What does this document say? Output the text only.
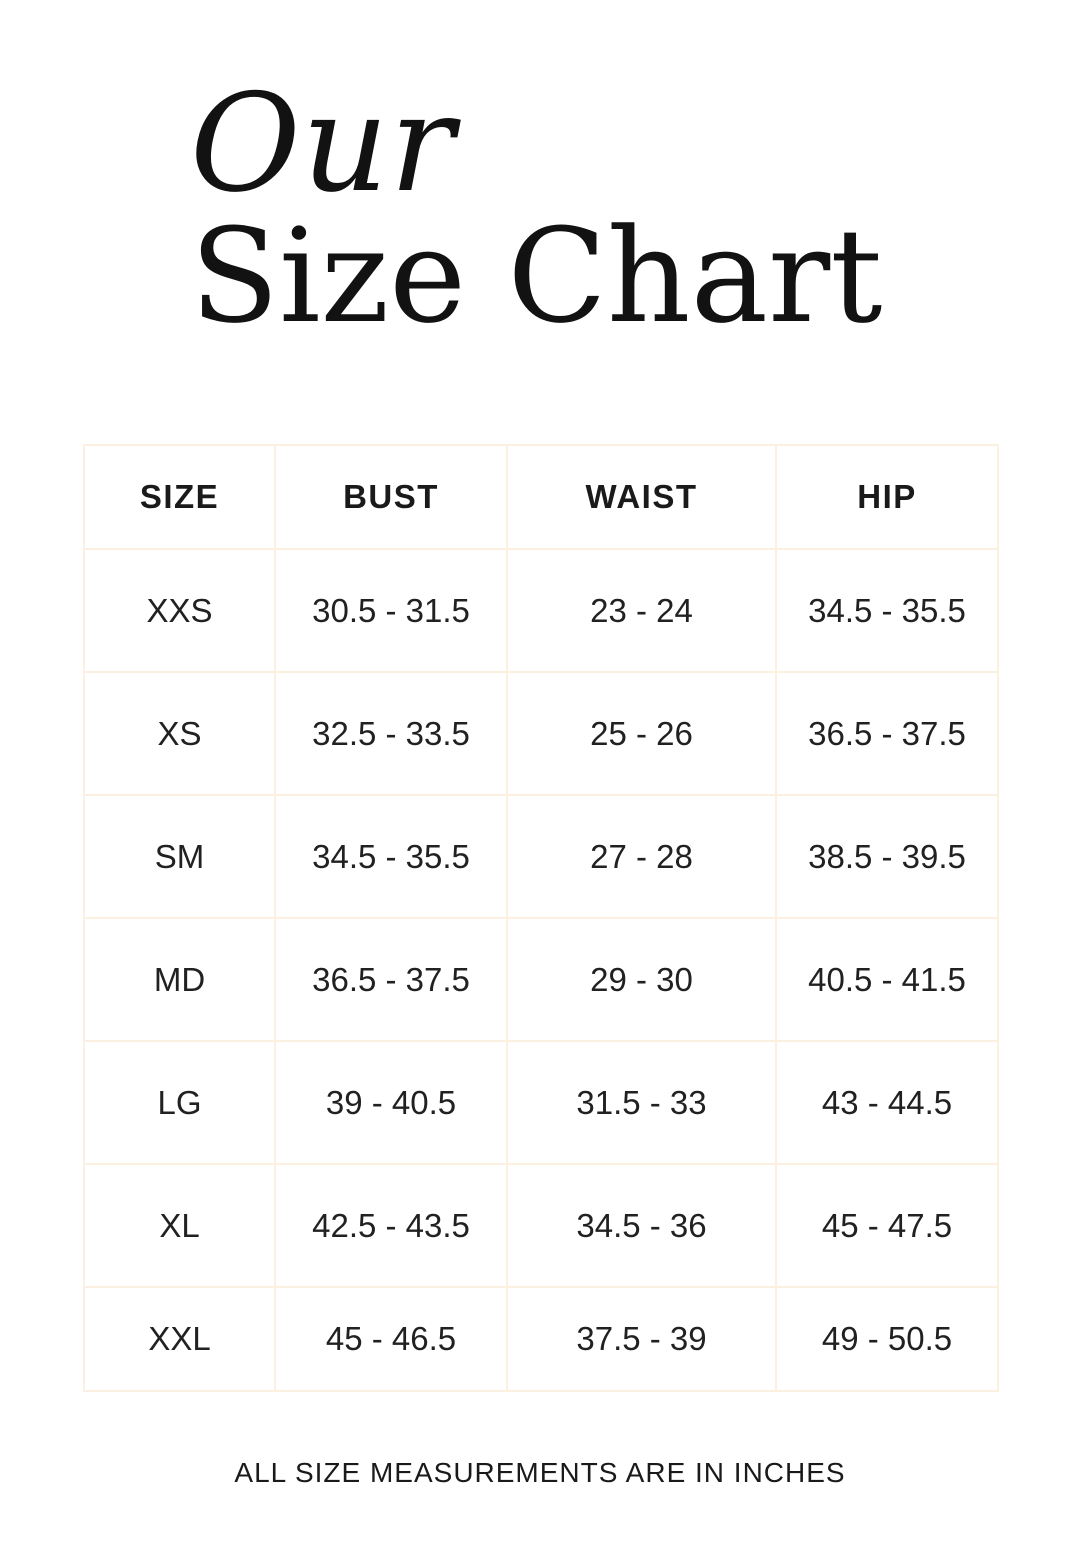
Our
Size Chart
SIZE	BUST	WAIST	HIP
XXS	30.5 - 31.5	23 - 24	34.5 - 35.5
XS	32.5 - 33.5	25 - 26	36.5 - 37.5
SM	34.5 - 35.5	27 - 28	38.5 - 39.5
MD	36.5 - 37.5	29 - 30	40.5 - 41.5
LG	39 - 40.5	31.5 - 33	43 - 44.5
XL	42.5 - 43.5	34.5 - 36	45 - 47.5
XXL	45 - 46.5	37.5 - 39	49 - 50.5
ALL SIZE MEASUREMENTS ARE IN INCHES
